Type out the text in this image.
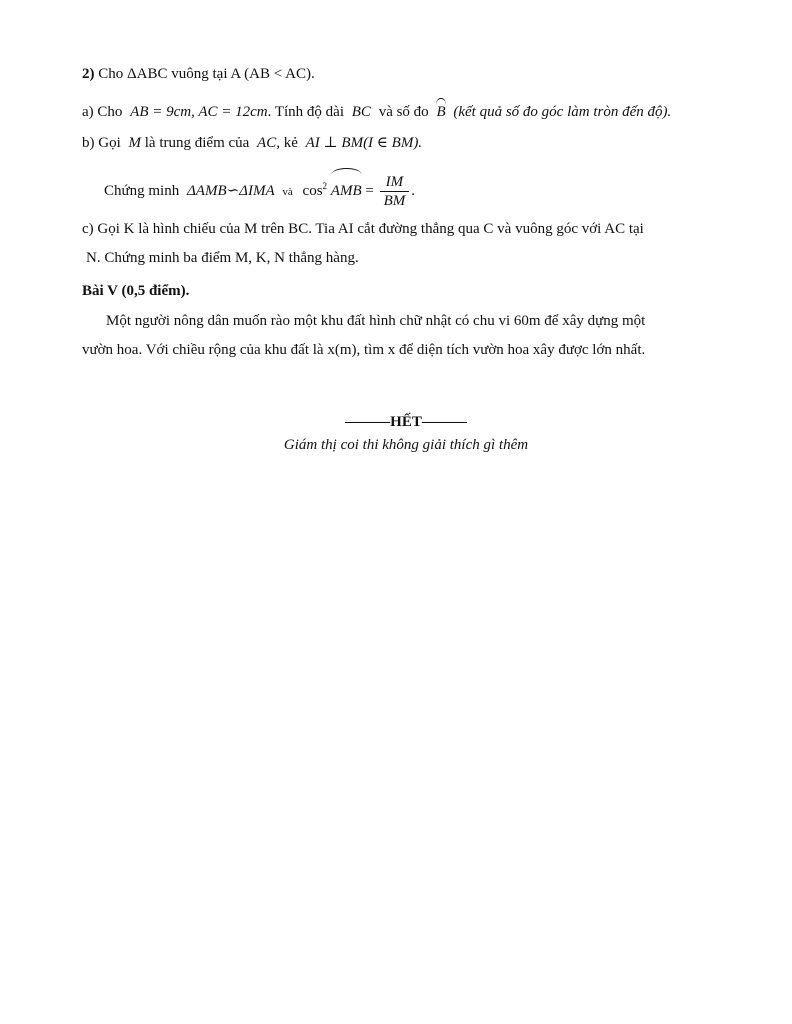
2) Cho ΔABC vuông tại A (AB < AC).
a) Cho AB = 9cm, AC = 12cm. Tính độ dài BC và số đo B (kết quả số đo góc làm tròn đến độ).
b) Gọi M là trung điểm của AC, kẻ AI ⊥ BM(I ∈ BM).
Chứng minh ΔAMB∽ΔIMA và $\cos^2$ AMB = $\frac{IM}{BM}$ .
c) Gọi K là hình chiếu của M trên BC. Tia AI cắt đường thẳng qua C và vuông góc với AC tại
N. Chứng minh ba điểm M, K, N thẳng hàng.
Bài V (0,5 điểm).
Một người nông dân muốn rào một khu đất hình chữ nhật có chu vi 60m để xây dựng một
vườn hoa. Với chiều rộng của khu đất là x(m), tìm x để diện tích vườn hoa xây được lớn nhất.
———HẾT———
Giám thị coi thi không giải thích gì thêm
